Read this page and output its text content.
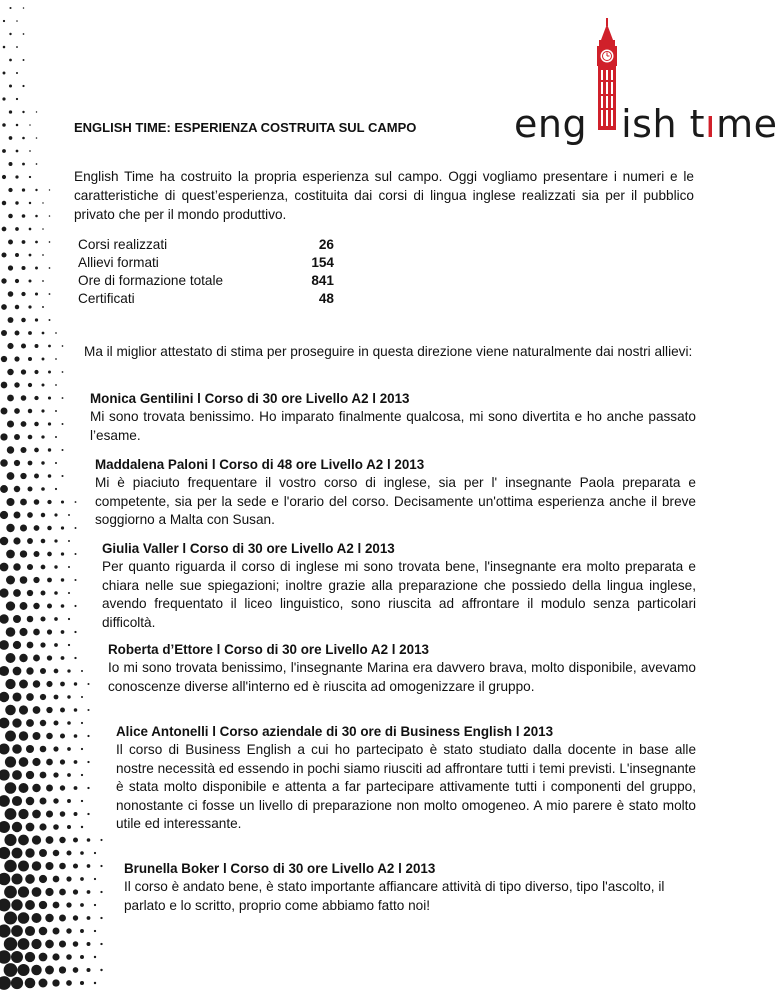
eng ish tıme
ENGLISH TIME: ESPERIENZA COSTRUITA SUL CAMPO

English Time ha costruito la propria esperienza sul campo. Oggi vogliamo presentare i numeri e le caratteristiche di quest’esperienza, costituita dai corsi di lingua inglese realizzati sia per il pubblico privato che per il mondo produttivo.

Corsi realizzati	26
Allievi formati	154
Ore di formazione totale	841
Certificati	48

Ma il miglior attestato di stima per proseguire in questa direzione viene naturalmente dai nostri allievi:

Monica Gentilini l Corso di 30 ore Livello A2 l 2013

Mi sono trovata benissimo. Ho imparato finalmente qualcosa, mi sono divertita e ho anche passato l’esame.

Maddalena Paloni l Corso di 48 ore Livello A2 l 2013

Mi è piaciuto frequentare il vostro corso di inglese, sia per l' insegnante Paola preparata e competente, sia per la sede e l'orario del corso. Decisamente un'ottima esperienza anche il breve soggiorno a Malta con Susan.

Giulia Valler l Corso di 30 ore Livello A2 l 2013

Per quanto riguarda il corso di inglese mi sono trovata bene, l'insegnante era molto preparata e chiara nelle sue spiegazioni; inoltre grazie alla preparazione che possiedo della lingua inglese, avendo frequentato il liceo linguistico, sono riuscita ad affrontare il modulo senza particolari difficoltà.

Roberta d’Ettore l Corso di 30 ore Livello A2 l 2013

Io mi sono trovata benissimo, l'insegnante Marina era davvero brava, molto disponibile, avevamo conoscenze diverse all'interno ed è riuscita ad omogenizzare il gruppo.

Alice Antonelli l Corso aziendale di 30 ore di Business English l 2013

Il corso di Business English a cui ho partecipato è stato studiato dalla docente in base alle nostre necessità ed essendo in pochi siamo riusciti ad affrontare tutti i temi previsti. L'insegnante è stata molto disponibile e attenta a far partecipare attivamente tutti i componenti del gruppo, nonostante ci fosse un livello di preparazione non molto omogeneo. A mio parere è stato molto utile ed interessante.

Brunella Boker l Corso di 30 ore Livello A2 l 2013

Il corso è andato bene, è stato importante affiancare attività di tipo diverso, tipo l'ascolto, il parlato e lo scritto, proprio come abbiamo fatto noi!
